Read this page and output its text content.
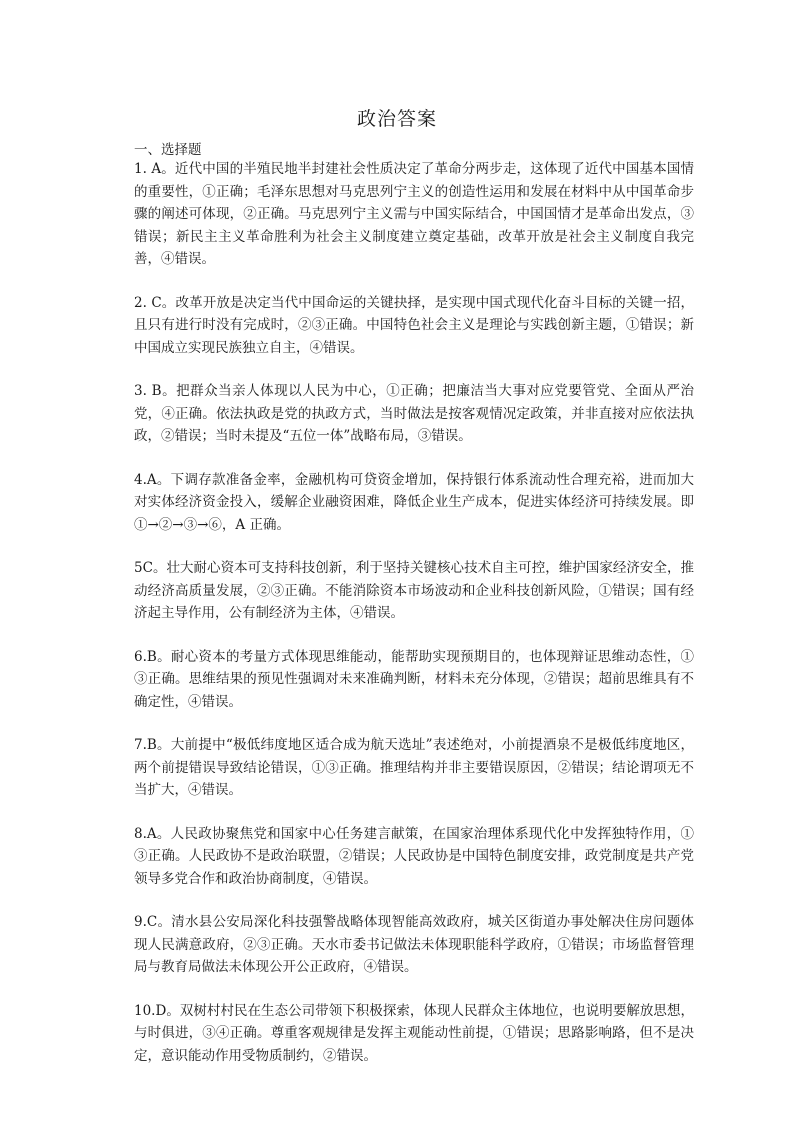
政治答案
一、选择题

1. A。近代中国的半殖民地半封建社会性质决定了革命分两步走，这体现了近代中国基本国情的重要性，①正确；毛泽东思想对马克思列宁主义的创造性运用和发展在材料中从中国革命步骤的阐述可体现，②正确。马克思列宁主义需与中国实际结合，中国国情才是革命出发点，③错误；新民主主义革命胜利为社会主义制度建立奠定基础，改革开放是社会主义制度自我完善，④错误。

2. C。改革开放是决定当代中国命运的关键抉择，是实现中国式现代化奋斗目标的关键一招，且只有进行时没有完成时，②③正确。中国特色社会主义是理论与实践创新主题，①错误；新中国成立实现民族独立自主，④错误。

3. B。把群众当亲人体现以人民为中心，①正确；把廉洁当大事对应党要管党、全面从严治党，④正确。依法执政是党的执政方式，当时做法是按客观情况定政策，并非直接对应依法执政，②错误；当时未提及“五位一体”战略布局，③错误。

4.A。下调存款准备金率，金融机构可贷资金增加，保持银行体系流动性合理充裕，进而加大对实体经济资金投入，缓解企业融资困难，降低企业生产成本，促进实体经济可持续发展。即①→②→③→⑥，A 正确。

5C。壮大耐心资本可支持科技创新，利于坚持关键核心技术自主可控，维护国家经济安全，推动经济高质量发展，②③正确。不能消除资本市场波动和企业科技创新风险，①错误；国有经济起主导作用，公有制经济为主体，④错误。

6.B。耐心资本的考量方式体现思维能动，能帮助实现预期目的，也体现辩证思维动态性，①③正确。思维结果的预见性强调对未来准确判断，材料未充分体现，②错误；超前思维具有不确定性，④错误。

7.B。大前提中“极低纬度地区适合成为航天选址”表述绝对，小前提酒泉不是极低纬度地区，两个前提错误导致结论错误，①③正确。推理结构并非主要错误原因，②错误；结论谓项无不当扩大，④错误。

8.A。人民政协聚焦党和国家中心任务建言献策，在国家治理体系现代化中发挥独特作用，①③正确。人民政协不是政治联盟，②错误；人民政协是中国特色制度安排，政党制度是共产党领导多党合作和政治协商制度，④错误。

9.C。清水县公安局深化科技强警战略体现智能高效政府，城关区街道办事处解决住房问题体现人民满意政府，②③正确。天水市委书记做法未体现职能科学政府，①错误；市场监督管理局与教育局做法未体现公开公正政府，④错误。

10.D。双树村村民在生态公司带领下积极探索，体现人民群众主体地位，也说明要解放思想，与时俱进，③④正确。尊重客观规律是发挥主观能动性前提，①错误；思路影响路，但不是决定，意识能动作用受物质制约，②错误。
